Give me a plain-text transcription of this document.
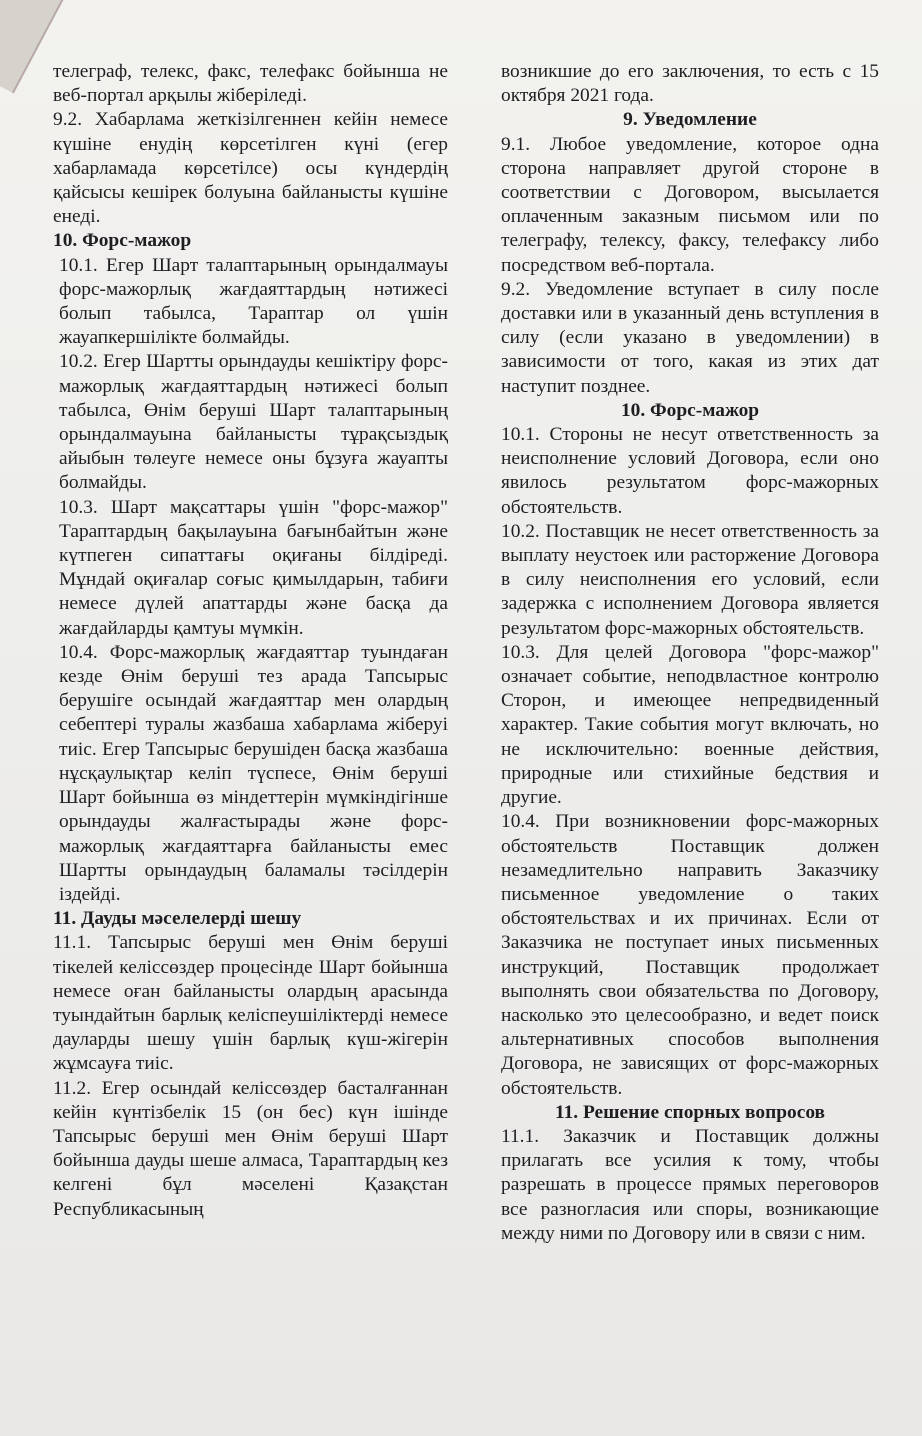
телеграф, телекс, факс, телефакс бойынша не веб-портал арқылы жіберіледі.

9.2. Хабарлама жеткізілгеннен кейін немесе күшіне енудің көрсетілген күні (егер хабарламада көрсетілсе) осы күндердің қайсысы кешірек болуына байланысты күшіне енеді.

10. Форс-мажор

10.1. Егер Шарт талаптарының орындалмауы форс-мажорлық жағдаяттардың нәтижесі болып табылса, Тараптар ол үшін жауапкершілікте болмайды.

10.2. Егер Шартты орындауды кешіктіру форс-мажорлық жағдаяттардың нәтижесі болып табылса, Өнім беруші Шарт талаптарының орындалмауына байланысты тұрақсыздық айыбын төлеуге немесе оны бұзуға жауапты болмайды.

10.3. Шарт мақсаттары үшін "форс-мажор" Тараптардың бақылауына бағынбайтын және күтпеген сипаттағы оқиғаны білдіреді. Мұндай оқиғалар соғыс қимылдарын, табиғи немесе дүлей апаттарды және басқа да жағдайларды қамтуы мүмкін.

10.4. Форс-мажорлық жағдаяттар туындаған кезде Өнім беруші тез арада Тапсырыс берушіге осындай жағдаяттар мен олардың себептері туралы жазбаша хабарлама жіберуі тиіс. Егер Тапсырыс берушіден басқа жазбаша нұсқаулықтар келіп түспесе, Өнім беруші Шарт бойынша өз міндеттерін мүмкіндігінше орындауды жалғастырады және форс-мажорлық жағдаяттарға байланысты емес Шартты орындаудың баламалы тәсілдерін іздейді.

11. Дауды мәселелерді шешу

11.1. Тапсырыс беруші мен Өнім беруші тікелей келіссөздер процесінде Шарт бойынша немесе оған байланысты олардың арасында туындайтын барлық келіспеушіліктерді немесе дауларды шешу үшін барлық күш-жігерін жұмсауға тиіс.

11.2. Егер осындай келіссөздер басталғаннан кейін күнтізбелік 15 (он бес) күн ішінде Тапсырыс беруші мен Өнім беруші Шарт бойынша дауды шеше алмаса, Тараптардың кез келгені бұл мәселені Қазақстан Республикасының

возникшие до его заключения, то есть с 15 октября 2021 года.

9. Уведомление

9.1. Любое уведомление, которое одна сторона направляет другой стороне в соответствии с Договором, высылается оплаченным заказным письмом или по телеграфу, телексу, факсу, телефаксу либо посредством веб-портала.

9.2. Уведомление вступает в силу после доставки или в указанный день вступления в силу (если указано в уведомлении) в зависимости от того, какая из этих дат наступит позднее.

10. Форс-мажор

10.1. Стороны не несут ответственность за неисполнение условий Договора, если оно явилось результатом форс-мажорных обстоятельств.

10.2. Поставщик не несет ответственность за выплату неустоек или расторжение Договора в силу неисполнения его условий, если задержка с исполнением Договора является результатом форс-мажорных обстоятельств.

10.3. Для целей Договора "форс-мажор" означает событие, неподвластное контролю Сторон, и имеющее непредвиденный характер. Такие события могут включать, но не исключительно: военные действия, природные или стихийные бедствия и другие.

10.4. При возникновении форс-мажорных обстоятельств Поставщик должен незамедлительно направить Заказчику письменное уведомление о таких обстоятельствах и их причинах. Если от Заказчика не поступает иных письменных инструкций, Поставщик продолжает выполнять свои обязательства по Договору, насколько это целесообразно, и ведет поиск альтернативных способов выполнения Договора, не зависящих от форс-мажорных обстоятельств.

11. Решение спорных вопросов

11.1. Заказчик и Поставщик должны прилагать все усилия к тому, чтобы разрешать в процессе прямых переговоров все разногласия или споры, возникающие между ними по Договору или в связи с ним.
